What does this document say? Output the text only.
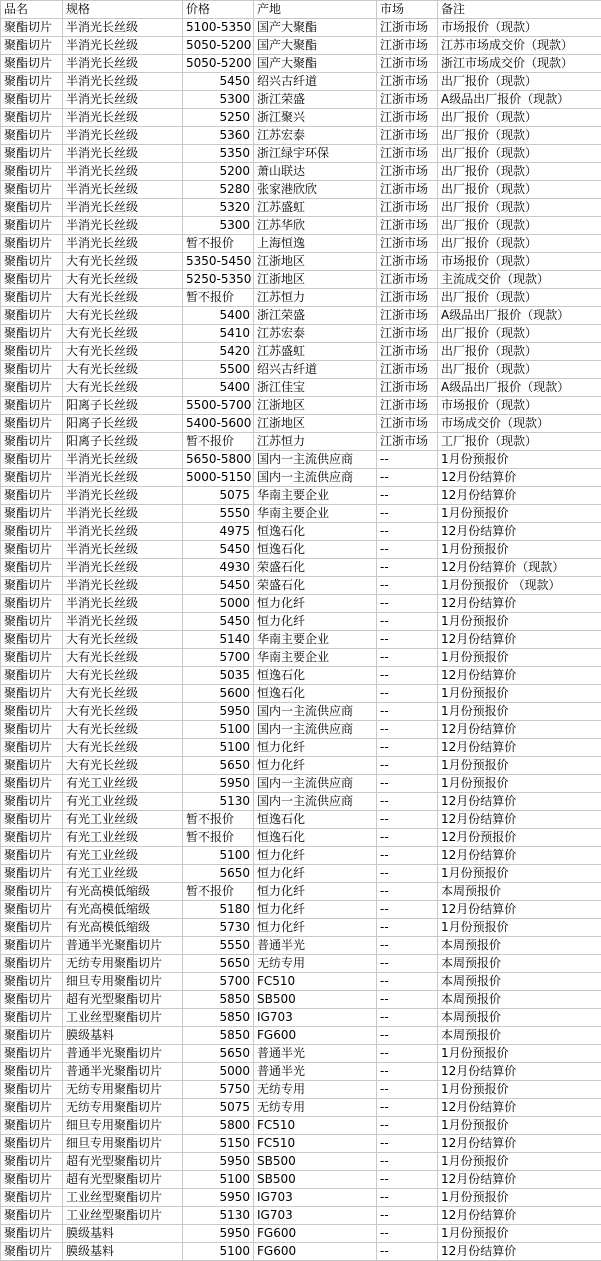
品名	规格	价格	产地	市场	备注
聚酯切片	半消光长丝级	5100-5350	国产大聚酯	江浙市场	市场报价（现款）
聚酯切片	半消光长丝级	5050-5200	国产大聚酯	江浙市场	江苏市场成交价（现款）
聚酯切片	半消光长丝级	5050-5200	国产大聚酯	江浙市场	浙江市场成交价（现款）
聚酯切片	半消光长丝级	5450	绍兴古纤道	江浙市场	出厂报价（现款）
聚酯切片	半消光长丝级	5300	浙江荣盛	江浙市场	A级品出厂报价（现款）
聚酯切片	半消光长丝级	5250	浙江聚兴	江浙市场	出厂报价（现款）
聚酯切片	半消光长丝级	5360	江苏宏泰	江浙市场	出厂报价（现款）
聚酯切片	半消光长丝级	5350	浙江绿宇环保	江浙市场	出厂报价（现款）
聚酯切片	半消光长丝级	5200	萧山联达	江浙市场	出厂报价（现款）
聚酯切片	半消光长丝级	5280	张家港欣欣	江浙市场	出厂报价（现款）
聚酯切片	半消光长丝级	5320	江苏盛虹	江浙市场	出厂报价（现款）
聚酯切片	半消光长丝级	5300	江苏华欣	江浙市场	出厂报价（现款）
聚酯切片	半消光长丝级	暂不报价	上海恒逸	江浙市场	出厂报价（现款）
聚酯切片	大有光长丝级	5350-5450	江浙地区	江浙市场	市场报价（现款）
聚酯切片	大有光长丝级	5250-5350	江浙地区	江浙市场	主流成交价（现款）
聚酯切片	大有光长丝级	暂不报价	江苏恒力	江浙市场	出厂报价（现款）
聚酯切片	大有光长丝级	5400	浙江荣盛	江浙市场	A级品出厂报价（现款）
聚酯切片	大有光长丝级	5410	江苏宏泰	江浙市场	出厂报价（现款）
聚酯切片	大有光长丝级	5420	江苏盛虹	江浙市场	出厂报价（现款）
聚酯切片	大有光长丝级	5500	绍兴古纤道	江浙市场	出厂报价（现款）
聚酯切片	大有光长丝级	5400	浙江佳宝	江浙市场	A级品出厂报价（现款）
聚酯切片	阳离子长丝级	5500-5700	江浙地区	江浙市场	市场报价（现款）
聚酯切片	阳离子长丝级	5400-5600	江浙地区	江浙市场	市场成交价（现款）
聚酯切片	阳离子长丝级	暂不报价	江苏恒力	江浙市场	工厂报价（现款）
聚酯切片	半消光长丝级	5650-5800	国内一主流供应商	--	1月份预报价
聚酯切片	半消光长丝级	5000-5150	国内一主流供应商	--	12月份结算价
聚酯切片	半消光长丝级	5075	华南主要企业	--	12月份结算价
聚酯切片	半消光长丝级	5550	华南主要企业	--	1月份预报价
聚酯切片	半消光长丝级	4975	恒逸石化	--	12月份结算价
聚酯切片	半消光长丝级	5450	恒逸石化	--	1月份预报价
聚酯切片	半消光长丝级	4930	荣盛石化	--	12月份结算价（现款）
聚酯切片	半消光长丝级	5450	荣盛石化	--	1月份预报价 （现款）
聚酯切片	半消光长丝级	5000	恒力化纤	--	12月份结算价
聚酯切片	半消光长丝级	5450	恒力化纤	--	1月份预报价
聚酯切片	大有光长丝级	5140	华南主要企业	--	12月份结算价
聚酯切片	大有光长丝级	5700	华南主要企业	--	1月份预报价
聚酯切片	大有光长丝级	5035	恒逸石化	--	12月份结算价
聚酯切片	大有光长丝级	5600	恒逸石化	--	1月份预报价
聚酯切片	大有光长丝级	5950	国内一主流供应商	--	1月份预报价
聚酯切片	大有光长丝级	5100	国内一主流供应商	--	12月份结算价
聚酯切片	大有光长丝级	5100	恒力化纤	--	12月份结算价
聚酯切片	大有光长丝级	5650	恒力化纤	--	1月份预报价
聚酯切片	有光工业丝级	5950	国内一主流供应商	--	1月份预报价
聚酯切片	有光工业丝级	5130	国内一主流供应商	--	12月份结算价
聚酯切片	有光工业丝级	暂不报价	恒逸石化	--	12月份结算价
聚酯切片	有光工业丝级	暂不报价	恒逸石化	--	12月份预报价
聚酯切片	有光工业丝级	5100	恒力化纤	--	12月份结算价
聚酯切片	有光工业丝级	5650	恒力化纤	--	1月份预报价
聚酯切片	有光高模低缩级	暂不报价	恒力化纤	--	本周预报价
聚酯切片	有光高模低缩级	5180	恒力化纤	--	12月份结算价
聚酯切片	有光高模低缩级	5730	恒力化纤	--	1月份预报价
聚酯切片	普通半光聚酯切片	5550	普通半光	--	本周预报价
聚酯切片	无纺专用聚酯切片	5650	无纺专用	--	本周预报价
聚酯切片	细旦专用聚酯切片	5700	FC510	--	本周预报价
聚酯切片	超有光型聚酯切片	5850	SB500	--	本周预报价
聚酯切片	工业丝型聚酯切片	5850	IG703	--	本周预报价
聚酯切片	膜级基料	5850	FG600	--	本周预报价
聚酯切片	普通半光聚酯切片	5650	普通半光	--	1月份预报价
聚酯切片	普通半光聚酯切片	5000	普通半光	--	12月份结算价
聚酯切片	无纺专用聚酯切片	5750	无纺专用	--	1月份预报价
聚酯切片	无纺专用聚酯切片	5075	无纺专用	--	12月份结算价
聚酯切片	细旦专用聚酯切片	5800	FC510	--	1月份预报价
聚酯切片	细旦专用聚酯切片	5150	FC510	--	12月份结算价
聚酯切片	超有光型聚酯切片	5950	SB500	--	1月份预报价
聚酯切片	超有光型聚酯切片	5100	SB500	--	12月份结算价
聚酯切片	工业丝型聚酯切片	5950	IG703	--	1月份预报价
聚酯切片	工业丝型聚酯切片	5130	IG703	--	12月份结算价
聚酯切片	膜级基料	5950	FG600	--	1月份预报价
聚酯切片	膜级基料	5100	FG600	--	12月份结算价
